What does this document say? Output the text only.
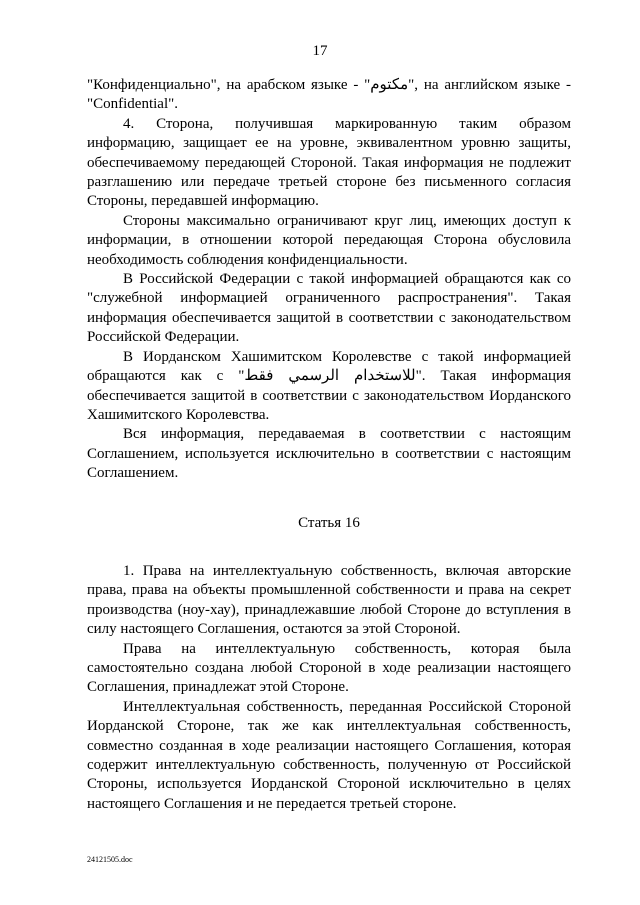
17

"Конфиденциально", на арабском языке - "مكتوم", на английском языке - "Confidential".

4. Сторона, получившая маркированную таким образом информацию, защищает ее на уровне, эквивалентном уровню защиты, обеспечиваемому передающей Стороной. Такая информация не подлежит разглашению или передаче третьей стороне без письменного согласия Стороны, передавшей информацию.

Стороны максимально ограничивают круг лиц, имеющих доступ к информации, в отношении которой передающая Сторона обусловила необходимость соблюдения конфиденциальности.

В Российской Федерации с такой информацией обращаются как со "служебной информацией ограниченного распространения". Такая информация обеспечивается защитой в соответствии с законодательством Российской Федерации.

В Иорданском Хашимитском Королевстве с такой информацией обращаются как с "للاستخدام الرسمي فقط". Такая информация обеспечивается защитой в соответствии с законодательством Иорданского Хашимитского Королевства.

Вся информация, передаваемая в соответствии с настоящим Соглашением, используется исключительно в соответствии с настоящим Соглашением.

Статья 16

1. Права на интеллектуальную собственность, включая авторские права, права на объекты промышленной собственности и права на секрет производства (ноу-хау), принадлежавшие любой Стороне до вступления в силу настоящего Соглашения, остаются за этой Стороной.

Права на интеллектуальную собственность, которая была самостоятельно создана любой Стороной в ходе реализации настоящего Соглашения, принадлежат этой Стороне.

Интеллектуальная собственность, переданная Российской Стороной Иорданской Стороне, так же как интеллектуальная собственность, совместно созданная в ходе реализации настоящего Соглашения, которая содержит интеллектуальную собственность, полученную от Российской Стороны, используется Иорданской Стороной исключительно в целях настоящего Соглашения и не передается третьей стороне.

24121505.doc
